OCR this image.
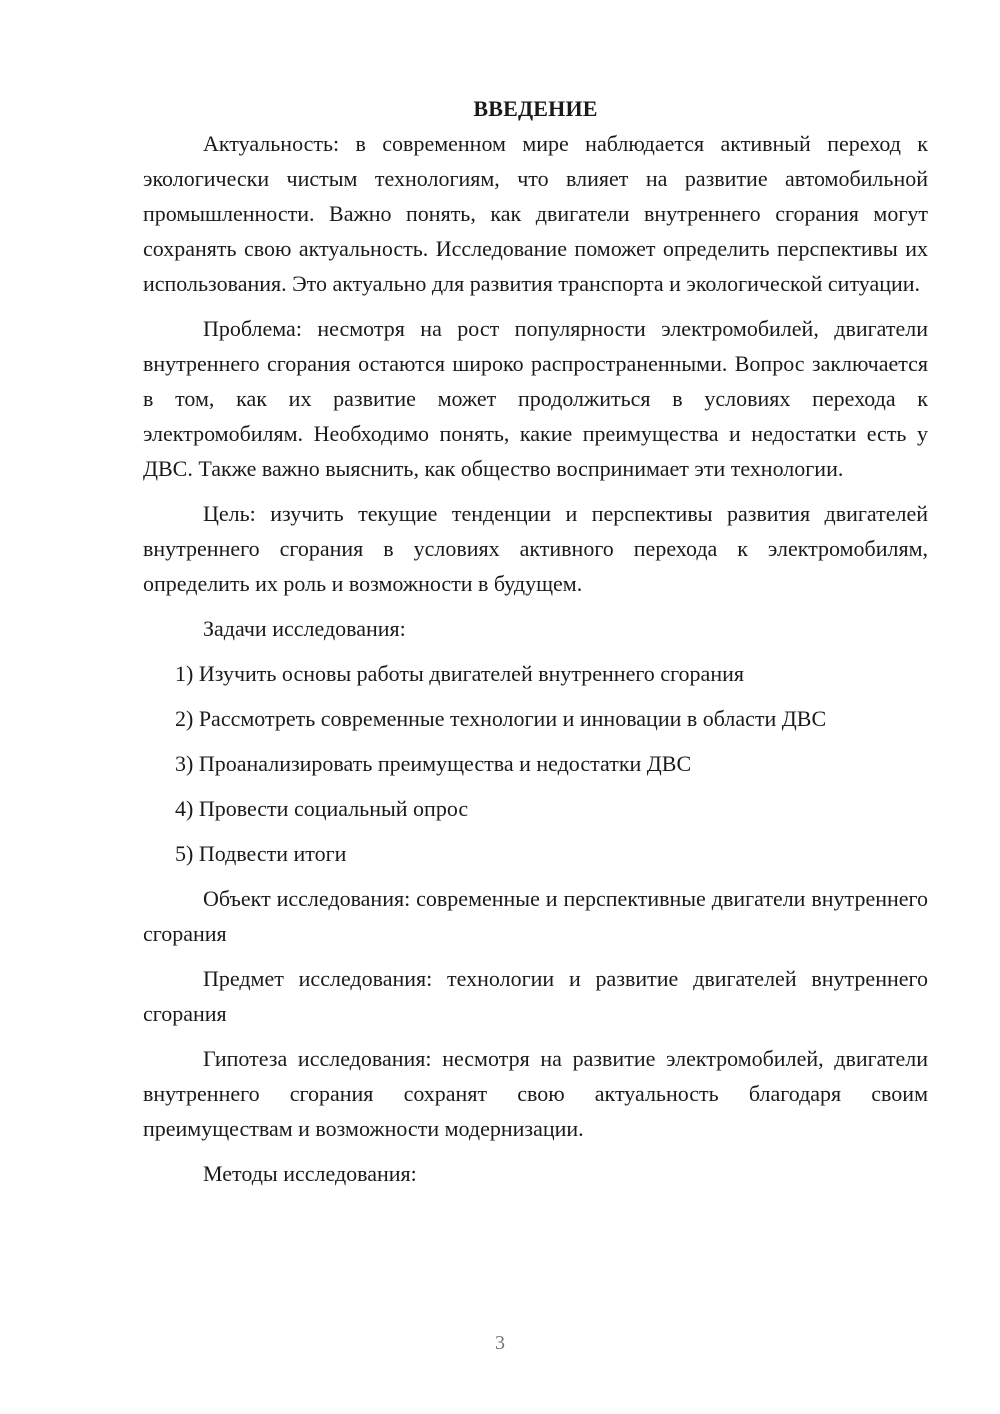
ВВЕДЕНИЕ

Актуальность: в современном мире наблюдается активный переход к экологически чистым технологиям, что влияет на развитие автомобильной промышленности. Важно понять, как двигатели внутреннего сгорания могут сохранять свою актуальность. Исследование поможет определить перспективы их использования. Это актуально для развития транспорта и экологической ситуации.

Проблема: несмотря на рост популярности электромобилей, двигатели внутреннего сгорания остаются широко распространенными. Вопрос заключается в том, как их развитие может продолжиться в условиях перехода к электромобилям. Необходимо понять, какие преимущества и недостатки есть у ДВС. Также важно выяснить, как общество воспринимает эти технологии.

Цель: изучить текущие тенденции и перспективы развития двигателей внутреннего сгорания в условиях активного перехода к электромобилям, определить их роль и возможности в будущем.

Задачи исследования:

1) Изучить основы работы двигателей внутреннего сгорания
2) Рассмотреть современные технологии и инновации в области ДВС
3) Проанализировать преимущества и недостатки ДВС
4) Провести социальный опрос
5) Подвести итоги

Объект исследования: современные и перспективные двигатели внутреннего сгорания

Предмет исследования: технологии и развитие двигателей внутреннего сгорания

Гипотеза исследования: несмотря на развитие электромобилей, двигатели внутреннего сгорания сохранят свою актуальность благодаря своим преимуществам и возможности модернизации.

Методы исследования:

3
